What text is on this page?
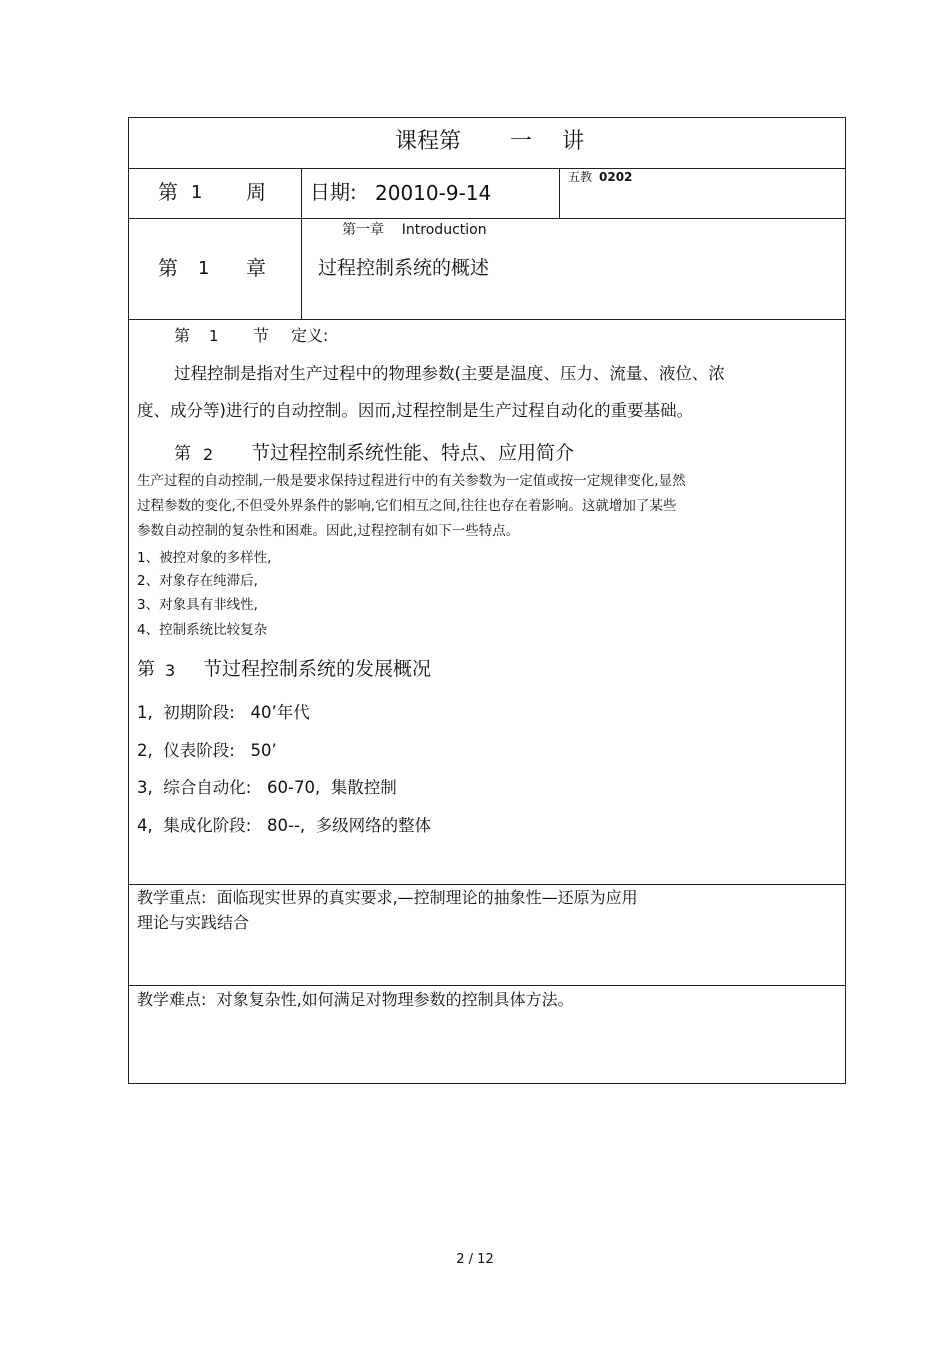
课程第 一 讲
第 1 周 日期: 20010-9-14
五教 0202
第 1 章
第一章    Introduction
过程控制系统的概述
第 1 节 定义:
过程控制是指对生产过程中的物理参数(主要是温度、压力、流量、液位、浓
度、成分等)进行的自动控制。因而,过程控制是生产过程自动化的重要基础。
第 2 节过程控制系统性能、特点、应用简介
生产过程的自动控制,一般是要求保持过程进行中的有关参数为一定值或按一定规律变化,显然
过程参数的变化,不但受外界条件的影响,它们相互之间,往往也存在着影响。这就增加了某些
参数自动控制的复杂性和困难。因此,过程控制有如下一些特点。
1、被控对象的多样性,
2、对象存在纯滞后,
3、对象具有非线性,
4、控制系统比较复杂
第 3 节过程控制系统的发展概况
1,  初期阶段:   40’年代
2,  仪表阶段:   50’
3,  综合自动化:   60-70,  集散控制
4,  集成化阶段:   80--,  多级网络的整体
教学重点:  面临现实世界的真实要求,—控制理论的抽象性—还原为应用
理论与实践结合
教学难点:  对象复杂性,如何满足对物理参数的控制具体方法。
2 / 12
